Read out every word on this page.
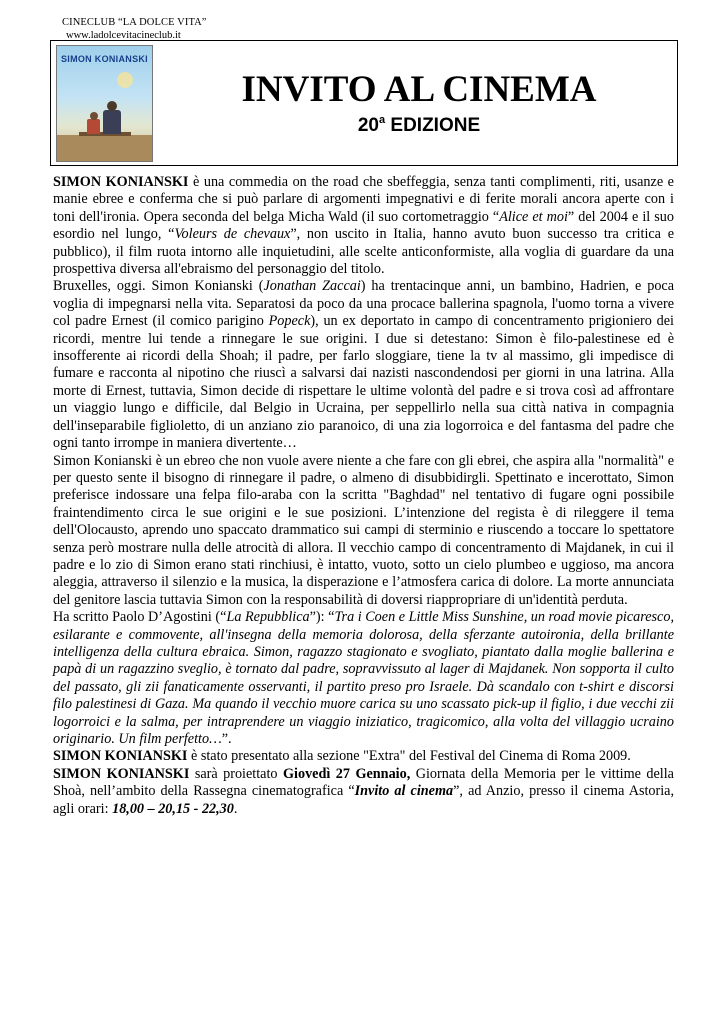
CINECLUB “LA DOLCE VITA”
www.ladolcevitacineclub.it
SIMON KONIANSKI
INVITO AL CINEMA
20$^a$ EDIZIONE

SIMON KONIANSKI è una commedia on the road che sbeffeggia, senza tanti complimenti, riti, usanze e manie ebree e conferma che si può parlare di argomenti impegnativi e di ferite morali ancora aperte con i toni dell'ironia. Opera seconda del belga Micha Wald (il suo cortometraggio “Alice et moi” del 2004 e il suo esordio nel lungo, “Voleurs de chevaux”, non uscito in Italia, hanno avuto buon successo tra critica e pubblico), il film ruota intorno alle inquietudini, alle scelte anticonformiste, alla voglia di guardare da una prospettiva diversa all'ebraismo del personaggio del titolo.

Bruxelles, oggi. Simon Konianski (Jonathan Zaccai) ha trentacinque anni, un bambino, Hadrien, e poca voglia di impegnarsi nella vita. Separatosi da poco da una procace ballerina spagnola, l'uomo torna a vivere col padre Ernest (il comico parigino Popeck), un ex deportato in campo di concentramento prigioniero dei ricordi, mentre lui tende a rinnegare le sue origini. I due si detestano: Simon è filo-palestinese ed è insofferente ai ricordi della Shoah; il padre, per farlo sloggiare, tiene la tv al massimo, gli impedisce di fumare e racconta al nipotino che riuscì a salvarsi dai nazisti nascondendosi per giorni in una latrina. Alla morte di Ernest, tuttavia, Simon decide di rispettare le ultime volontà del padre e si trova così ad affrontare un viaggio lungo e difficile, dal Belgio in Ucraina, per seppellirlo nella sua città nativa in compagnia dell'inseparabile figlioletto, di un anziano zio paranoico, di una zia logorroica e del fantasma del padre che ogni tanto irrompe in maniera divertente…

Simon Konianski è un ebreo che non vuole avere niente a che fare con gli ebrei, che aspira alla "normalità" e per questo sente il bisogno di rinnegare il padre, o almeno di disubbidirgli. Spettinato e incerottato, Simon preferisce indossare una felpa filo-araba con la scritta "Baghdad" nel tentativo di fugare ogni possibile fraintendimento circa le sue origini e le sue posizioni. L’intenzione del regista è di rileggere il tema dell'Olocausto, aprendo uno spaccato drammatico sui campi di sterminio e riuscendo a toccare lo spettatore senza però mostrare nulla delle atrocità di allora. Il vecchio campo di concentramento di Majdanek, in cui il padre e lo zio di Simon erano stati rinchiusi, è intatto, vuoto, sotto un cielo plumbeo e uggioso, ma ancora aleggia, attraverso il silenzio e la musica, la disperazione e l’atmosfera carica di dolore. La morte annunciata del genitore lascia tuttavia Simon con la responsabilità di doversi riappropriare di un'identità perduta.

Ha scritto Paolo D’Agostini (“La Repubblica”): “Tra i Coen e Little Miss Sunshine, un road movie picaresco, esilarante e commovente, all'insegna della memoria dolorosa, della sferzante autoironia, della brillante intelligenza della cultura ebraica. Simon, ragazzo stagionato e svogliato, piantato dalla moglie ballerina e papà di un ragazzino sveglio, è tornato dal padre, sopravvissuto al lager di Majdanek. Non sopporta il culto del passato, gli zii fanaticamente osservanti, il partito preso pro Israele. Dà scandalo con t-shirt e discorsi filo palestinesi di Gaza. Ma quando il vecchio muore carica su uno scassato pick-up il figlio, i due vecchi zii logorroici e la salma, per intraprendere un viaggio iniziatico, tragicomico, alla volta del villaggio ucraino originario. Un film perfetto…”.

SIMON KONIANSKI è stato presentato alla sezione "Extra" del Festival del Cinema di Roma 2009.

SIMON KONIANSKI sarà proiettato Giovedì 27 Gennaio, Giornata della Memoria per le vittime della Shoà, nell’ambito della Rassegna cinematografica “Invito al cinema”, ad Anzio, presso il cinema Astoria, agli orari: 18,00 – 20,15 - 22,30.
